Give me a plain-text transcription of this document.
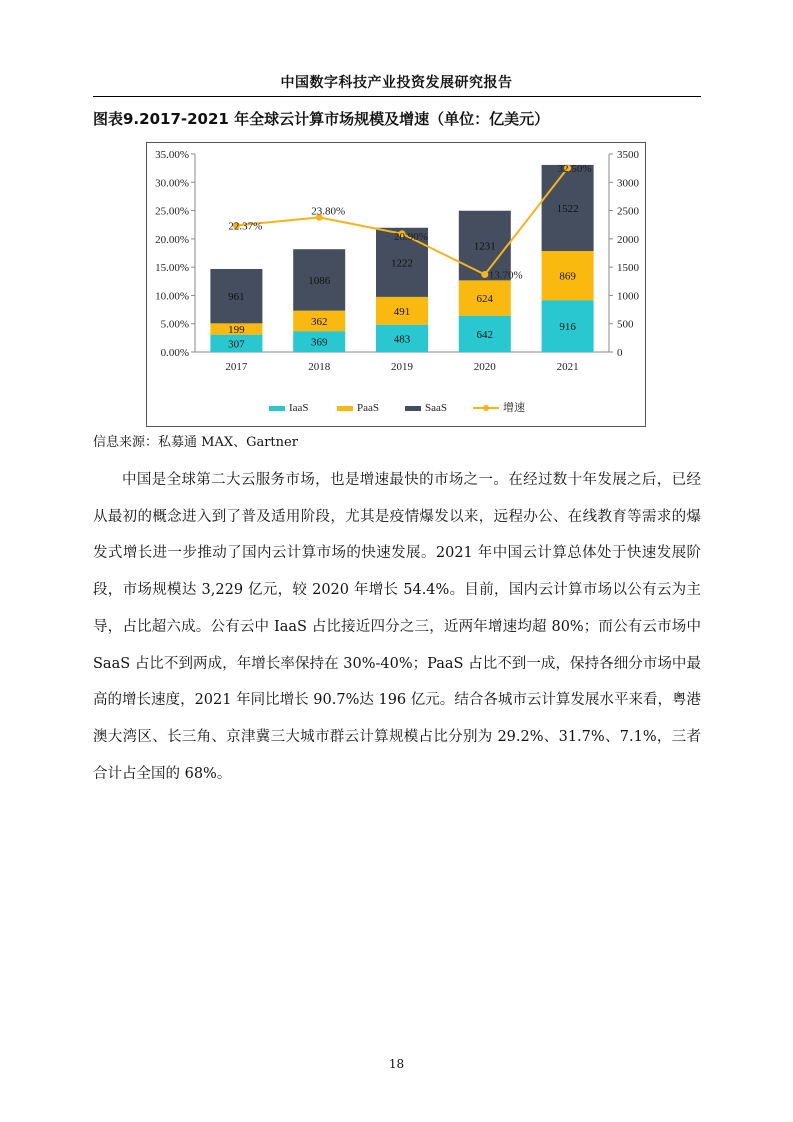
中国数字科技产业投资发展研究报告
图表9.2017-2021 年全球云计算市场规模及增速（单位：亿美元）
0.00%
5.00%
10.00%
15.00%
20.00%
25.00%
30.00%
35.00%
0
500
1000
1500
2000
2500
3000
3500
307
199
961
2017
369
362
1086
2018
483
491
1222
2019
642
624
1231
2020
916
869
1522
2021
22.37%
23.80%
20.90%
13.70%
32.50%
IaaS	PaaS	SaaS	增速
信息来源：私募通 MAX、Gartner

中国是全球第二大云服务市场，也是增速最快的市场之一。在经过数十年发展之后，已经从最初的概念进入到了普及适用阶段，尤其是疫情爆发以来，远程办公、在线教育等需求的爆发式增长进一步推动了国内云计算市场的快速发展。2021 年中国云计算总体处于快速发展阶段，市场规模达 3,229 亿元，较 2020 年增长 54.4%。目前，国内云计算市场以公有云为主导，占比超六成。公有云中 IaaS 占比接近四分之三，近两年增速均超 80%；而公有云市场中 SaaS 占比不到两成，年增长率保持在 30%-40%；PaaS 占比不到一成，保持各细分市场中最高的增长速度，2021 年同比增长 90.7%达 196 亿元。结合各城市云计算发展水平来看，粤港澳大湾区、长三角、京津冀三大城市群云计算规模占比分别为 29.2%、31.7%、7.1%，三者合计占全国的 68%。

18
